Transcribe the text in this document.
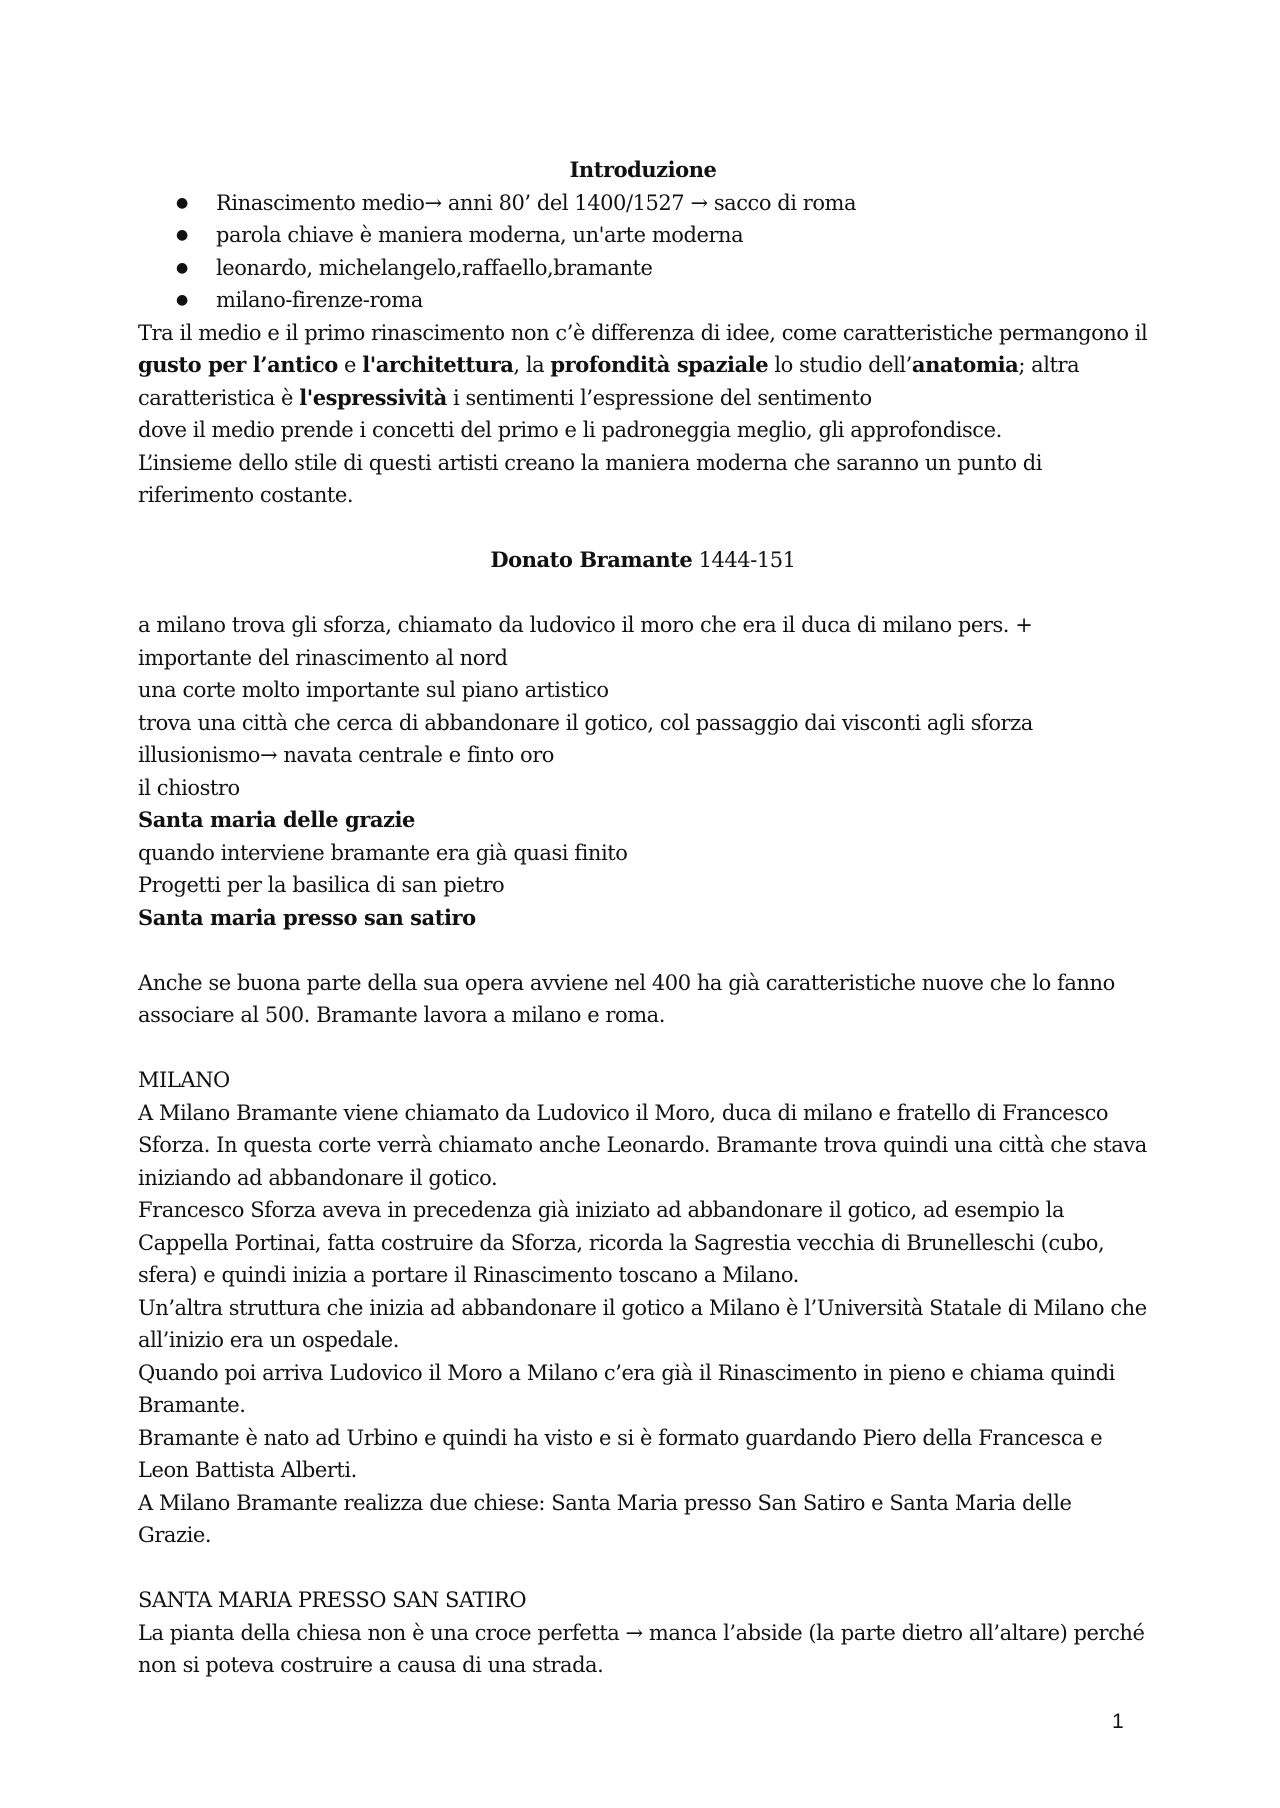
Introduzione

● Rinascimento medio→ anni 80’ del 1400/1527 → sacco di roma
● parola chiave è maniera moderna, un'arte moderna
● leonardo, michelangelo,raffaello,bramante
● milano-firenze-roma

Tra il medio e il primo rinascimento non c’è differenza di idee, come caratteristiche permangono il gusto per l’antico e l'architettura, la profondità spaziale lo studio dell’anatomia; altra caratteristica è l'espressività i sentimenti l’espressione del sentimento

dove il medio prende i concetti del primo e li padroneggia meglio, gli approfondisce.

L’insieme dello stile di questi artisti creano la maniera moderna che saranno un punto di riferimento costante.

Donato Bramante 1444-151

a milano trova gli sforza, chiamato da ludovico il moro che era il duca di milano pers. + importante del rinascimento al nord

una corte molto importante sul piano artistico

trova una città che cerca di abbandonare il gotico, col passaggio dai visconti agli sforza

illusionismo→ navata centrale e finto oro

il chiostro

Santa maria delle grazie

quando interviene bramante era già quasi finito

Progetti per la basilica di san pietro

Santa maria presso san satiro

Anche se buona parte della sua opera avviene nel 400 ha già caratteristiche nuove che lo fanno associare al 500. Bramante lavora a milano e roma.

MILANO

A Milano Bramante viene chiamato da Ludovico il Moro, duca di milano e fratello di Francesco Sforza. In questa corte verrà chiamato anche Leonardo. Bramante trova quindi una città che stava iniziando ad abbandonare il gotico.

Francesco Sforza aveva in precedenza già iniziato ad abbandonare il gotico, ad esempio la Cappella Portinai, fatta costruire da Sforza, ricorda la Sagrestia vecchia di Brunelleschi (cubo, sfera) e quindi inizia a portare il Rinascimento toscano a Milano.

Un’altra struttura che inizia ad abbandonare il gotico a Milano è l’Università Statale di Milano che all’inizio era un ospedale.

Quando poi arriva Ludovico il Moro a Milano c’era già il Rinascimento in pieno e chiama quindi Bramante.

Bramante è nato ad Urbino e quindi ha visto e si è formato guardando Piero della Francesca e Leon Battista Alberti.

A Milano Bramante realizza due chiese: Santa Maria presso San Satiro e Santa Maria delle Grazie.

SANTA MARIA PRESSO SAN SATIRO

La pianta della chiesa non è una croce perfetta → manca l’abside (la parte dietro all’altare) perché non si poteva costruire a causa di una strada.

1
